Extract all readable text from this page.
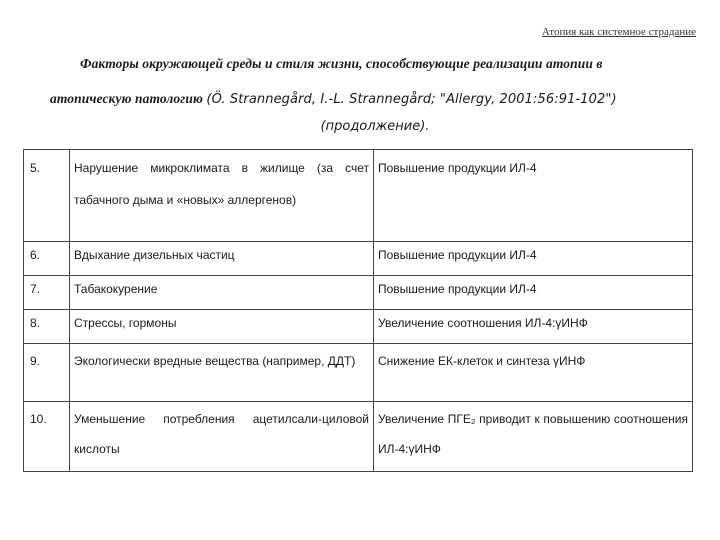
Атопия как системное страдание
Факторы окружающей среды и стиля жизни, способствующие реализации атопии в
атопическую патологию (Ö. Strannegård, I.-L. Strannegård; "Allergy, 2001:56:91-102")
(продолжение).
5.	Нарушение микроклимата в жилище (за счет табачного дыма и «новых» аллергенов)	Повышение продукции ИЛ-4
6.	Вдыхание дизельных частиц	Повышение продукции ИЛ-4
7.	Табакокурение	Повышение продукции ИЛ-4
8.	Стрессы, гормоны	Увеличение соотношения ИЛ-4:γИНФ
9.	Экологически вредные вещества (например, ДДТ)	Снижение ЕК-клеток и синтеза γИНФ
10.	Уменьшение потребления ацетилсали-циловой кислоты	Увеличение ПГЕ₂ приводит к повышению соотношения ИЛ-4:γИНФ
